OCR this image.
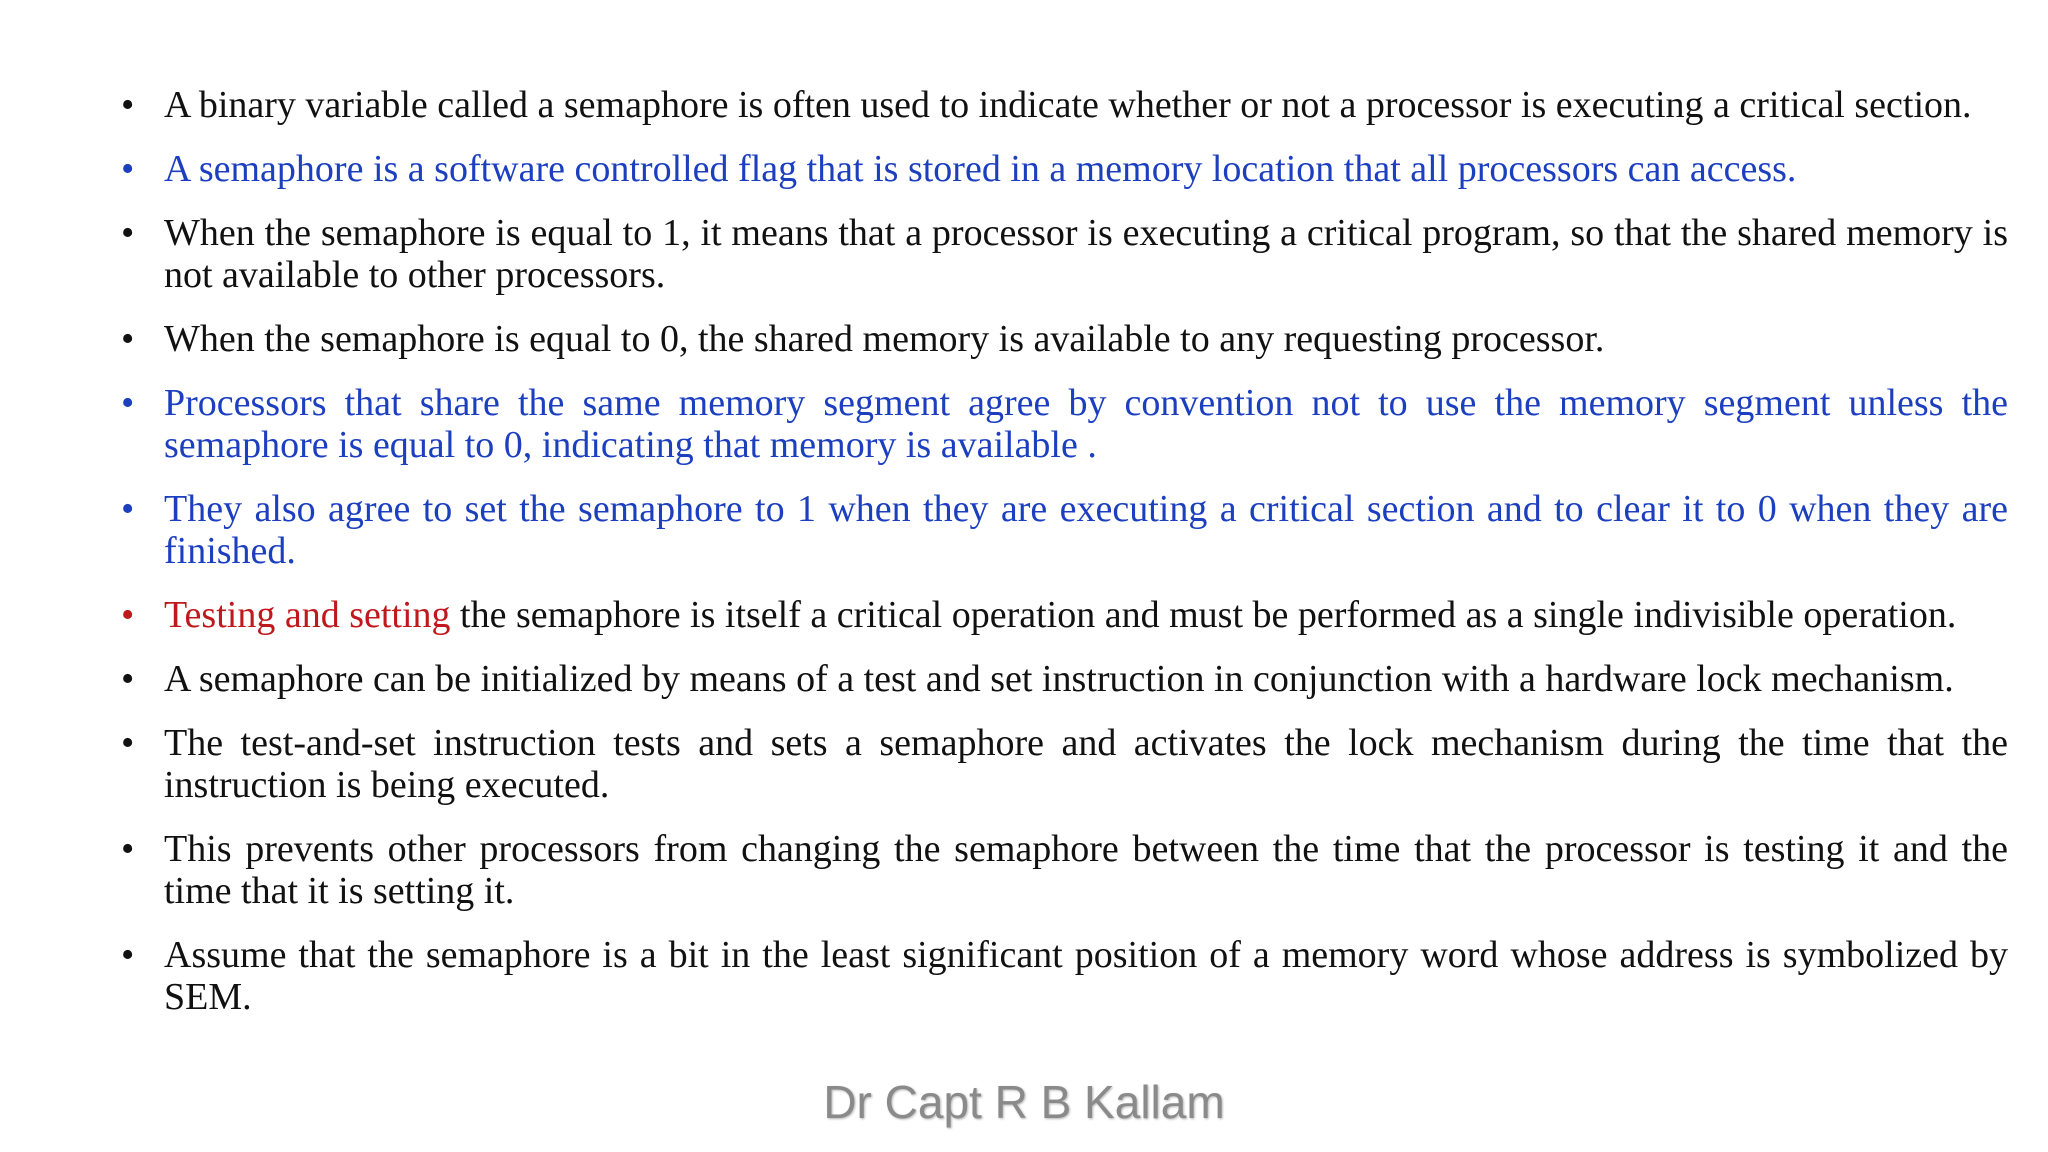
• A binary variable called a semaphore is often used to indicate whether or not a processor is executing a critical section.
• A semaphore is a software controlled flag that is stored in a memory location that all processors can access.
• When the semaphore is equal to 1, it means that a processor is executing a critical program, so that the shared memory is not available to other processors.
• When the semaphore is equal to 0, the shared memory is available to any requesting processor.
• Processors that share the same memory segment agree by convention not to use the memory segment unless the semaphore is equal to 0, indicating that memory is available .
• They also agree to set the semaphore to 1 when they are executing a critical section and to clear it to 0 when they are finished.
• Testing and setting the semaphore is itself a critical operation and must be performed as a single indivisible operation.
• A semaphore can be initialized by means of a test and set instruction in conjunction with a hardware lock mechanism.
• The test-and-set instruction tests and sets a semaphore and activates the lock mechanism during the time that the instruction is being executed.
• This prevents other processors from changing the semaphore between the time that the processor is testing it and the time that it is setting it.
• Assume that the semaphore is a bit in the least significant position of a memory word whose address is symbolized by SEM.
Dr Capt R B Kallam
